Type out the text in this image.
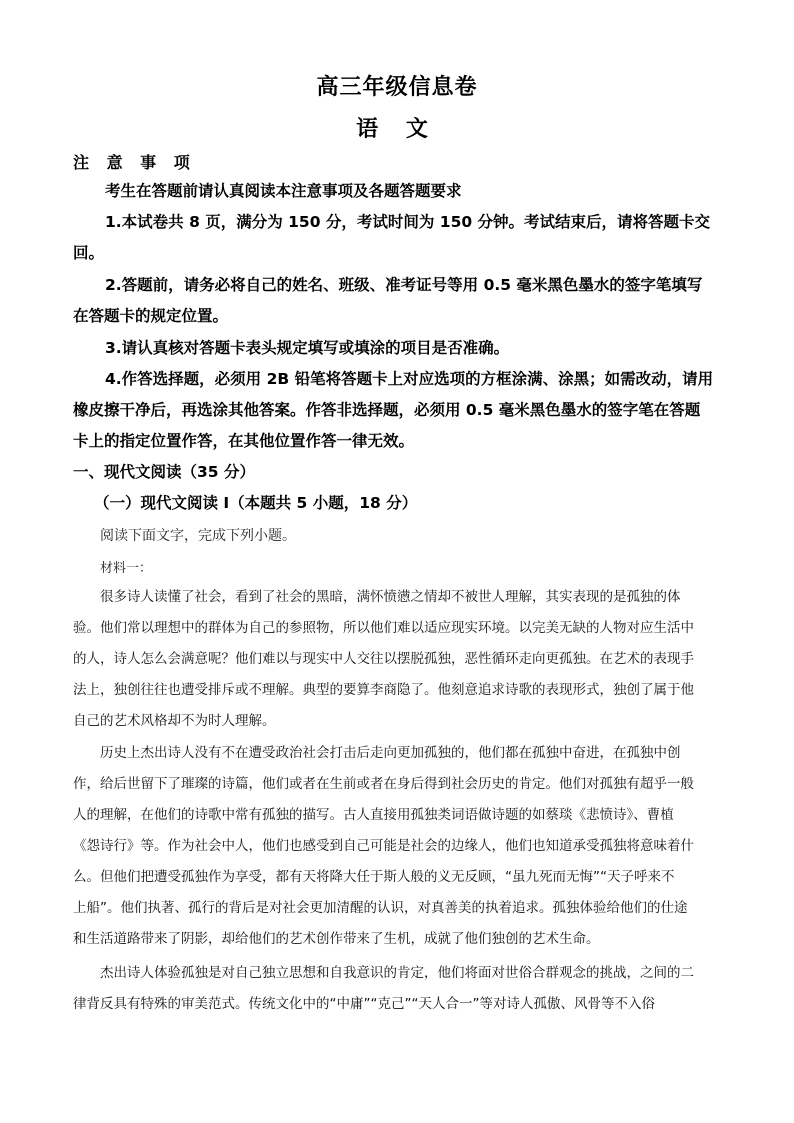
高三年级信息卷
语 文
注 意 事 项
考生在答题前请认真阅读本注意事项及各题答题要求
1.本试卷共 8 页，满分为 150 分，考试时间为 150 分钟。考试结束后，请将答题卡交
回。
2.答题前，请务必将自己的姓名、班级、准考证号等用 0.5 毫米黑色墨水的签字笔填写
在答题卡的规定位置。
3.请认真核对答题卡表头规定填写或填涂的项目是否准确。
4.作答选择题，必须用 2B 铅笔将答题卡上对应选项的方框涂满、涂黑；如需改动，请用
橡皮擦干净后，再选涂其他答案。作答非选择题，必须用 0.5 毫米黑色墨水的签字笔在答题
卡上的指定位置作答，在其他位置作答一律无效。
一、现代文阅读（35 分）
（一）现代文阅读 I（本题共 5 小题，18 分）
阅读下面文字，完成下列小题。
材料一：
很多诗人读懂了社会，看到了社会的黑暗，满怀愤懑之情却不被世人理解，其实表现的是孤独的体
验。他们常以理想中的群体为自己的参照物，所以他们难以适应现实环境。以完美无缺的人物对应生活中
的人，诗人怎么会满意呢？他们难以与现实中人交往以摆脱孤独，恶性循环走向更孤独。在艺术的表现手
法上，独创往往也遭受排斥或不理解。典型的要算李商隐了。他刻意追求诗歌的表现形式，独创了属于他
自己的艺术风格却不为时人理解。
历史上杰出诗人没有不在遭受政治社会打击后走向更加孤独的，他们都在孤独中奋进，在孤独中创
作，给后世留下了璀璨的诗篇，他们或者在生前或者在身后得到社会历史的肯定。他们对孤独有超乎一般
人的理解，在他们的诗歌中常有孤独的描写。古人直接用孤独类词语做诗题的如蔡琰《悲愤诗》、曹植
《怨诗行》等。作为社会中人，他们也感受到自己可能是社会的边缘人，他们也知道承受孤独将意味着什
么。但他们把遭受孤独作为享受，都有天将降大任于斯人般的义无反顾，“虽九死而无悔”“天子呼来不
上船”。他们执著、孤行的背后是对社会更加清醒的认识，对真善美的执着追求。孤独体验给他们的仕途
和生活道路带来了阴影，却给他们的艺术创作带来了生机，成就了他们独创的艺术生命。
杰出诗人体验孤独是对自己独立思想和自我意识的肯定，他们将面对世俗合群观念的挑战，之间的二
律背反具有特殊的审美范式。传统文化中的“中庸”“克己”“天人合一”等对诗人孤傲、风骨等不入俗
